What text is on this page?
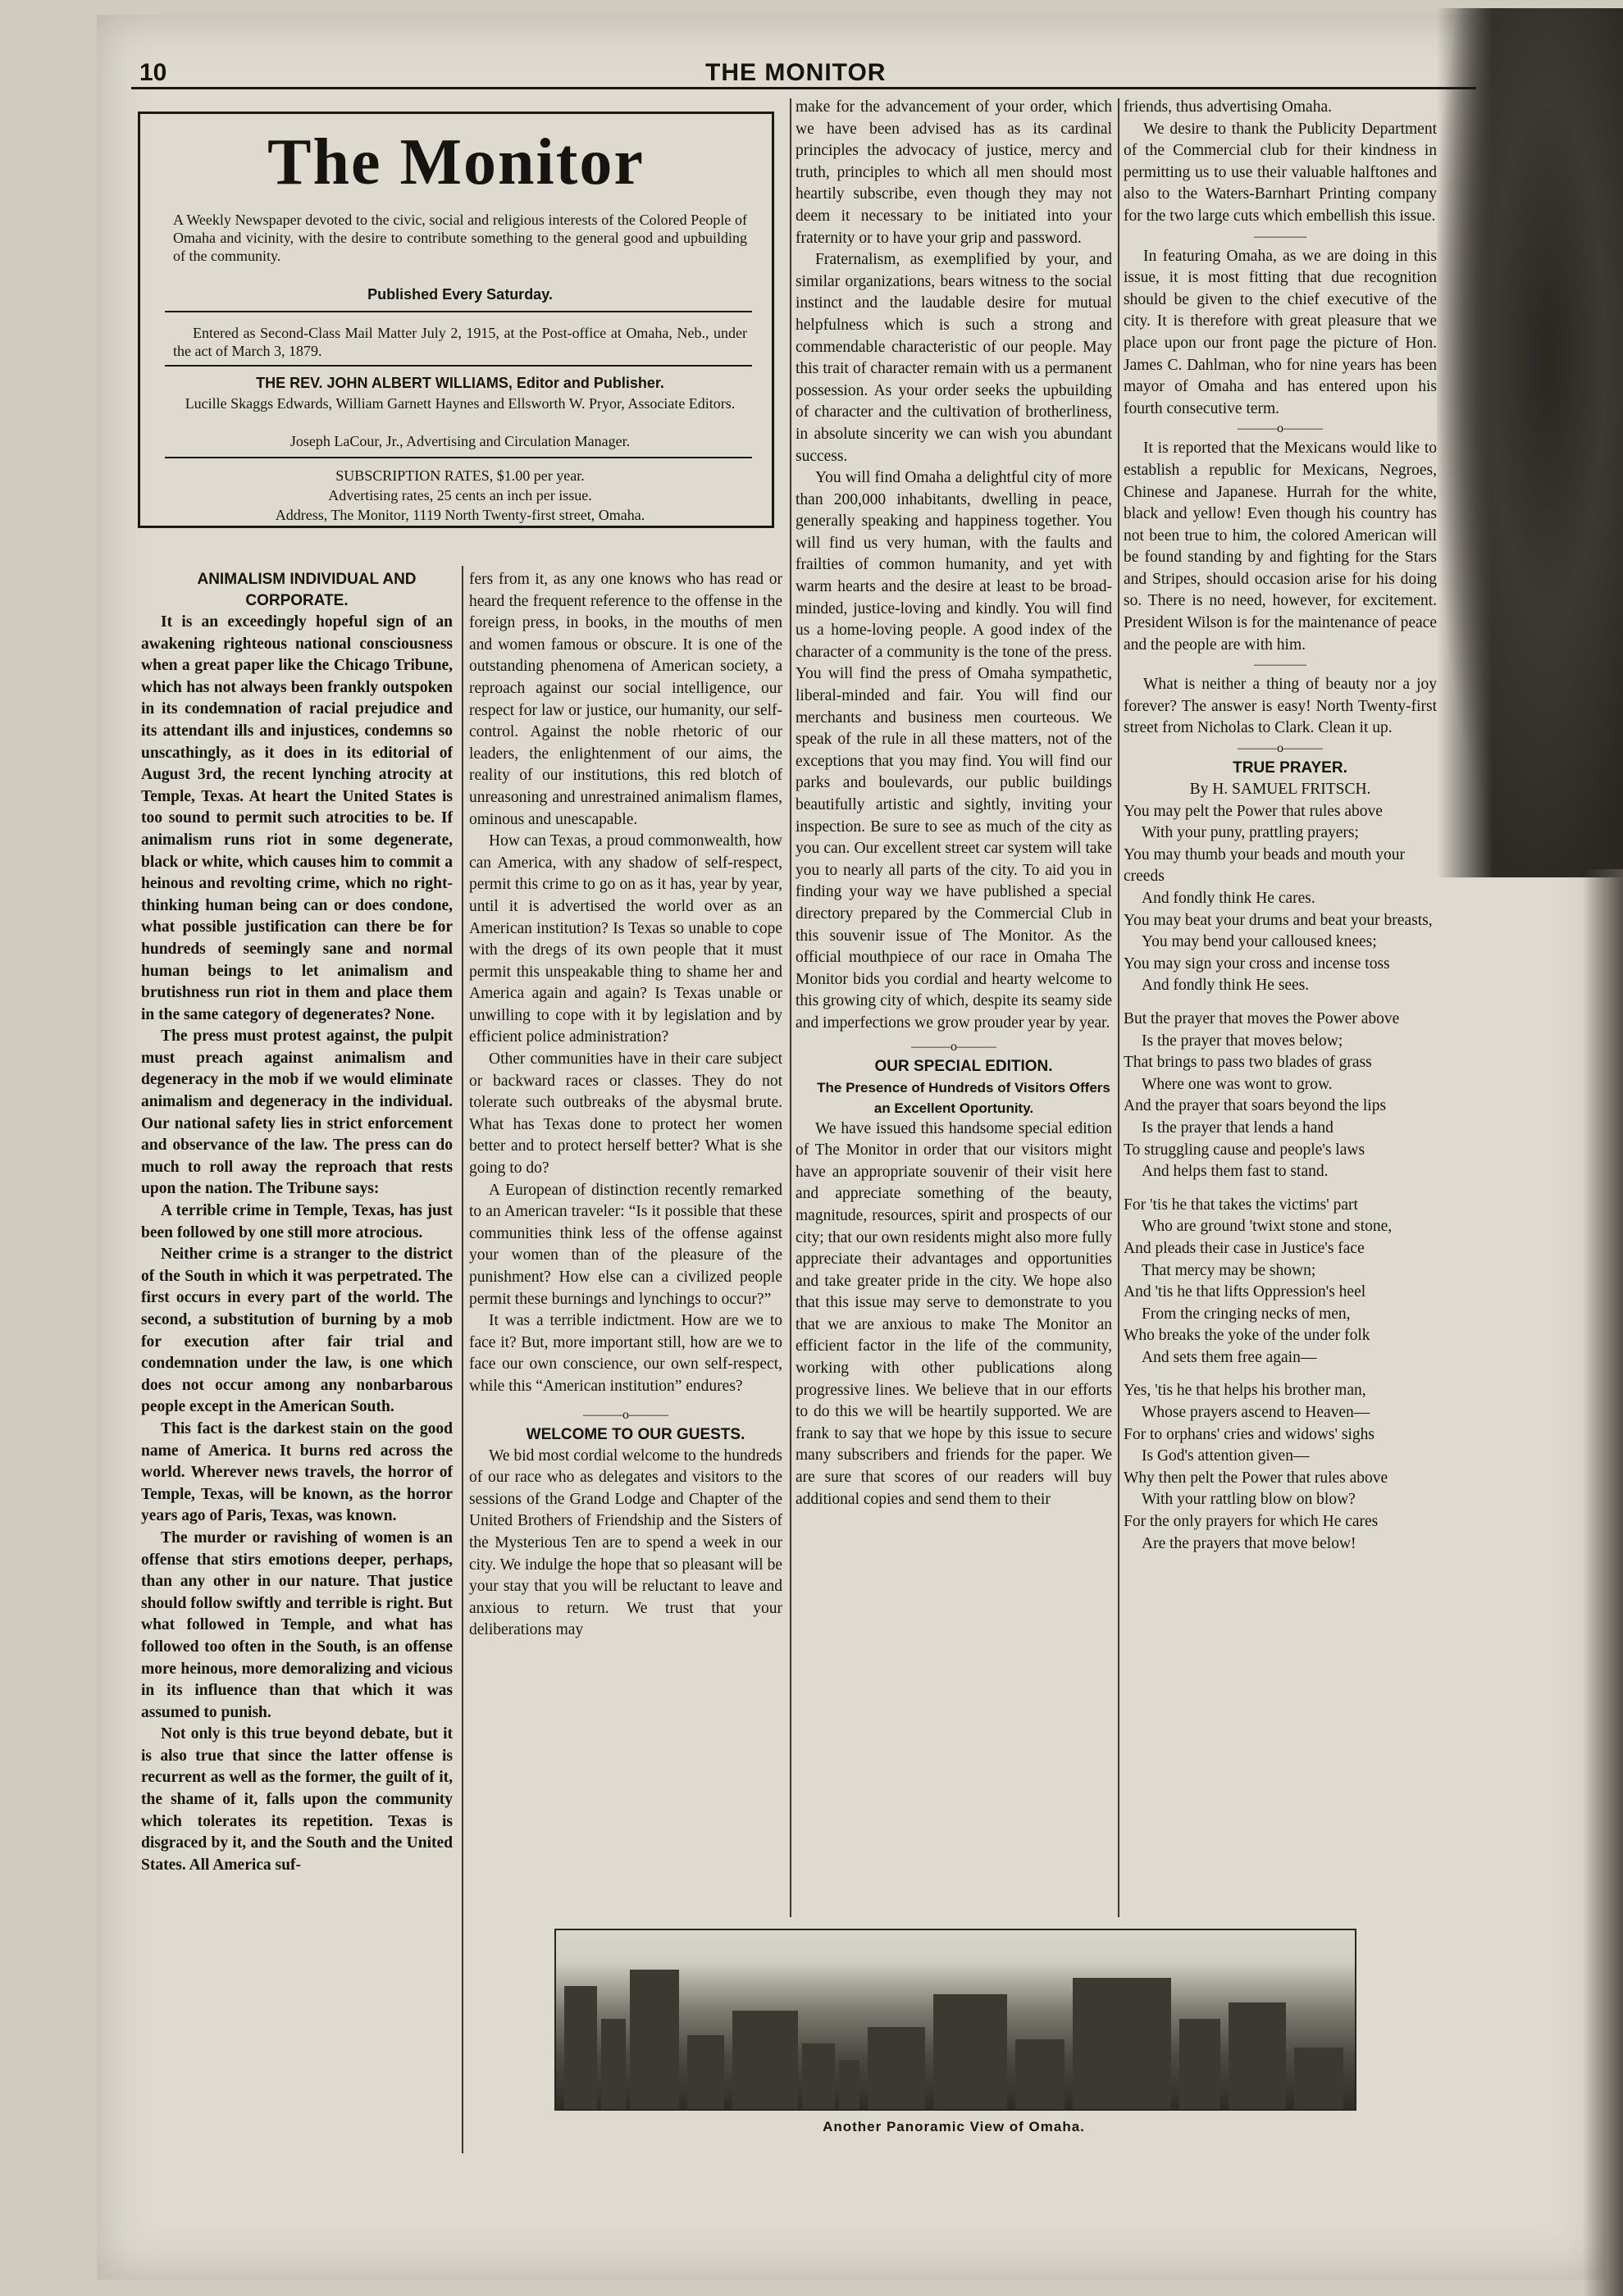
10	THE MONITOR
The Monitor
A Weekly Newspaper devoted to the civic, social and religious interests of the Colored People of Omaha and vicinity, with the desire to contribute something to the general good and upbuilding of the community.
Published Every Saturday.
Entered as Second-Class Mail Matter July 2, 1915, at the Post-office at Omaha, Neb., under the act of March 3, 1879.
THE REV. JOHN ALBERT WILLIAMS, Editor and Publisher.
Lucille Skaggs Edwards, William Garnett Haynes and Ellsworth W. Pryor, Associate Editors.
Joseph LaCour, Jr., Advertising and Circulation Manager.
SUBSCRIPTION RATES, $1.00 per year.
Advertising rates, 25 cents an inch per issue.
Address, The Monitor, 1119 North Twenty-first street, Omaha.

ANIMALISM INDIVIDUAL AND CORPORATE.

It is an exceedingly hopeful sign of an awakening righteous national consciousness when a great paper like the Chicago Tribune, which has not always been frankly outspoken in its condemnation of racial prejudice and its attendant ills and injustices, condemns so unscathingly, as it does in its editorial of August 3rd, the recent lynching atrocity at Temple, Texas. At heart the United States is too sound to permit such atrocities to be. If animalism runs riot in some degenerate, black or white, which causes him to commit a heinous and revolting crime, which no right-thinking human being can or does condone, what possible justification can there be for hundreds of seemingly sane and normal human beings to let animalism and brutishness run riot in them and place them in the same category of degenerates? None.

The press must protest against, the pulpit must preach against animalism and degeneracy in the mob if we would eliminate animalism and degeneracy in the individual. Our national safety lies in strict enforcement and observance of the law. The press can do much to roll away the reproach that rests upon the nation. The Tribune says:

A terrible crime in Temple, Texas, has just been followed by one still more atrocious.

Neither crime is a stranger to the district of the South in which it was perpetrated. The first occurs in every part of the world. The second, a substitution of burning by a mob for execution after fair trial and condemnation under the law, is one which does not occur among any nonbarbarous people except in the American South.

This fact is the darkest stain on the good name of America. It burns red across the world. Wherever news travels, the horror of Temple, Texas, will be known, as the horror years ago of Paris, Texas, was known.

The murder or ravishing of women is an offense that stirs emotions deeper, perhaps, than any other in our nature. That justice should follow swiftly and terrible is right. But what followed in Temple, and what has followed too often in the South, is an offense more heinous, more demoralizing and vicious in its influence than that which it was assumed to punish.

Not only is this true beyond debate, but it is also true that since the latter offense is recurrent as well as the former, the guilt of it, the shame of it, falls upon the community which tolerates its repetition. Texas is disgraced by it, and the South and the United States. All America suf-

fers from it, as any one knows who has read or heard the frequent reference to the offense in the foreign press, in books, in the mouths of men and women famous or obscure. It is one of the outstanding phenomena of American society, a reproach against our social intelligence, our respect for law or justice, our humanity, our self-control. Against the noble rhetoric of our leaders, the enlightenment of our aims, the reality of our institutions, this red blotch of unreasoning and unrestrained animalism flames, ominous and unescapable.

How can Texas, a proud commonwealth, how can America, with any shadow of self-respect, permit this crime to go on as it has, year by year, until it is advertised the world over as an American institution? Is Texas so unable to cope with the dregs of its own people that it must permit this unspeakable thing to shame her and America again and again? Is Texas unable or unwilling to cope with it by legislation and by efficient police administration?

Other communities have in their care subject or backward races or classes. They do not tolerate such outbreaks of the abysmal brute. What has Texas done to protect her women better and to protect herself better? What is she going to do?

A European of distinction recently remarked to an American traveler: “Is it possible that these communities think less of the offense against your women than of the pleasure of the punishment? How else can a civilized people permit these burnings and lynchings to occur?”

It was a terrible indictment. How are we to face it? But, more important still, how are we to face our own conscience, our own self-respect, while this “American institution” endures?

———o———

WELCOME TO OUR GUESTS.

We bid most cordial welcome to the hundreds of our race who as delegates and visitors to the sessions of the Grand Lodge and Chapter of the United Brothers of Friendship and the Sisters of the Mysterious Ten are to spend a week in our city. We indulge the hope that so pleasant will be your stay that you will be reluctant to leave and anxious to return. We trust that your deliberations may

make for the advancement of your order, which we have been advised has as its cardinal principles the advocacy of justice, mercy and truth, principles to which all men should most heartily subscribe, even though they may not deem it necessary to be initiated into your fraternity or to have your grip and password.

Fraternalism, as exemplified by your, and similar organizations, bears witness to the social instinct and the laudable desire for mutual helpfulness which is such a strong and commendable characteristic of our people. May this trait of character remain with us a permanent possession. As your order seeks the upbuilding of character and the cultivation of brotherliness, in absolute sincerity we can wish you abundant success.

You will find Omaha a delightful city of more than 200,000 inhabitants, dwelling in peace, generally speaking and happiness together. You will find us very human, with the faults and frailties of common humanity, and yet with warm hearts and the desire at least to be broad-minded, justice-loving and kindly. You will find us a home-loving people. A good index of the character of a community is the tone of the press. You will find the press of Omaha sympathetic, liberal-minded and fair. You will find our merchants and business men courteous. We speak of the rule in all these matters, not of the exceptions that you may find. You will find our parks and boulevards, our public buildings beautifully artistic and sightly, inviting your inspection. Be sure to see as much of the city as you can. Our excellent street car system will take you to nearly all parts of the city. To aid you in finding your way we have published a special directory prepared by the Commercial Club in this souvenir issue of The Monitor. As the official mouthpiece of our race in Omaha The Monitor bids you cordial and hearty welcome to this growing city of which, despite its seamy side and imperfections we grow prouder year by year.

———o———

OUR SPECIAL EDITION.

The Presence of Hundreds of Visitors Offers an Excellent Oportunity.

We have issued this handsome special edition of The Monitor in order that our visitors might have an appropriate souvenir of their visit here and appreciate something of the beauty, magnitude, resources, spirit and prospects of our city; that our own residents might also more fully appreciate their advantages and opportunities and take greater pride in the city. We hope also that this issue may serve to demonstrate to you that we are anxious to make The Monitor an efficient factor in the life of the community, working with other publications along progressive lines. We believe that in our efforts to do this we will be heartily supported. We are frank to say that we hope by this issue to secure many subscribers and friends for the paper. We are sure that scores of our readers will buy additional copies and send them to their

friends, thus advertising Omaha.

We desire to thank the Publicity Department of the Commercial club for their kindness in permitting us to use their valuable halftones and also to the Waters-Barnhart Printing company for the two large cuts which embellish this issue.

————

In featuring Omaha, as we are doing in this issue, it is most fitting that due recognition should be given to the chief executive of the city. It is therefore with great pleasure that we place upon our front page the picture of Hon. James C. Dahlman, who for nine years has been mayor of Omaha and has entered upon his fourth consecutive term.

———o———

It is reported that the Mexicans would like to establish a republic for Mexicans, Negroes, Chinese and Japanese. Hurrah for the white, black and yellow! Even though his country has not been true to him, the colored American will be found standing by and fighting for the Stars and Stripes, should occasion arise for his doing so. There is no need, however, for excitement. President Wilson is for the maintenance of peace and the people are with him.

————

What is neither a thing of beauty nor a joy forever? The answer is easy! North Twenty-first street from Nicholas to Clark. Clean it up.

———o———

TRUE PRAYER.

By H. SAMUEL FRITSCH.

You may pelt the Power that rules above

With your puny, prattling prayers;

You may thumb your beads and mouth your creeds

And fondly think He cares.

You may beat your drums and beat your breasts,

You may bend your calloused knees;

You may sign your cross and incense toss

And fondly think He sees.

But the prayer that moves the Power above

Is the prayer that moves below;

That brings to pass two blades of grass

Where one was wont to grow.

And the prayer that soars beyond the lips

Is the prayer that lends a hand

To struggling cause and people's laws

And helps them fast to stand.

For 'tis he that takes the victims' part

Who are ground 'twixt stone and stone,

And pleads their case in Justice's face

That mercy may be shown;

And 'tis he that lifts Oppression's heel

From the cringing necks of men,

Who breaks the yoke of the under folk

And sets them free again—

Yes, 'tis he that helps his brother man,

Whose prayers ascend to Heaven—

For to orphans' cries and widows' sighs

Is God's attention given—

Why then pelt the Power that rules above

With your rattling blow on blow?

For the only prayers for which He cares

Are the prayers that move below!

Another Panoramic View of Omaha.
